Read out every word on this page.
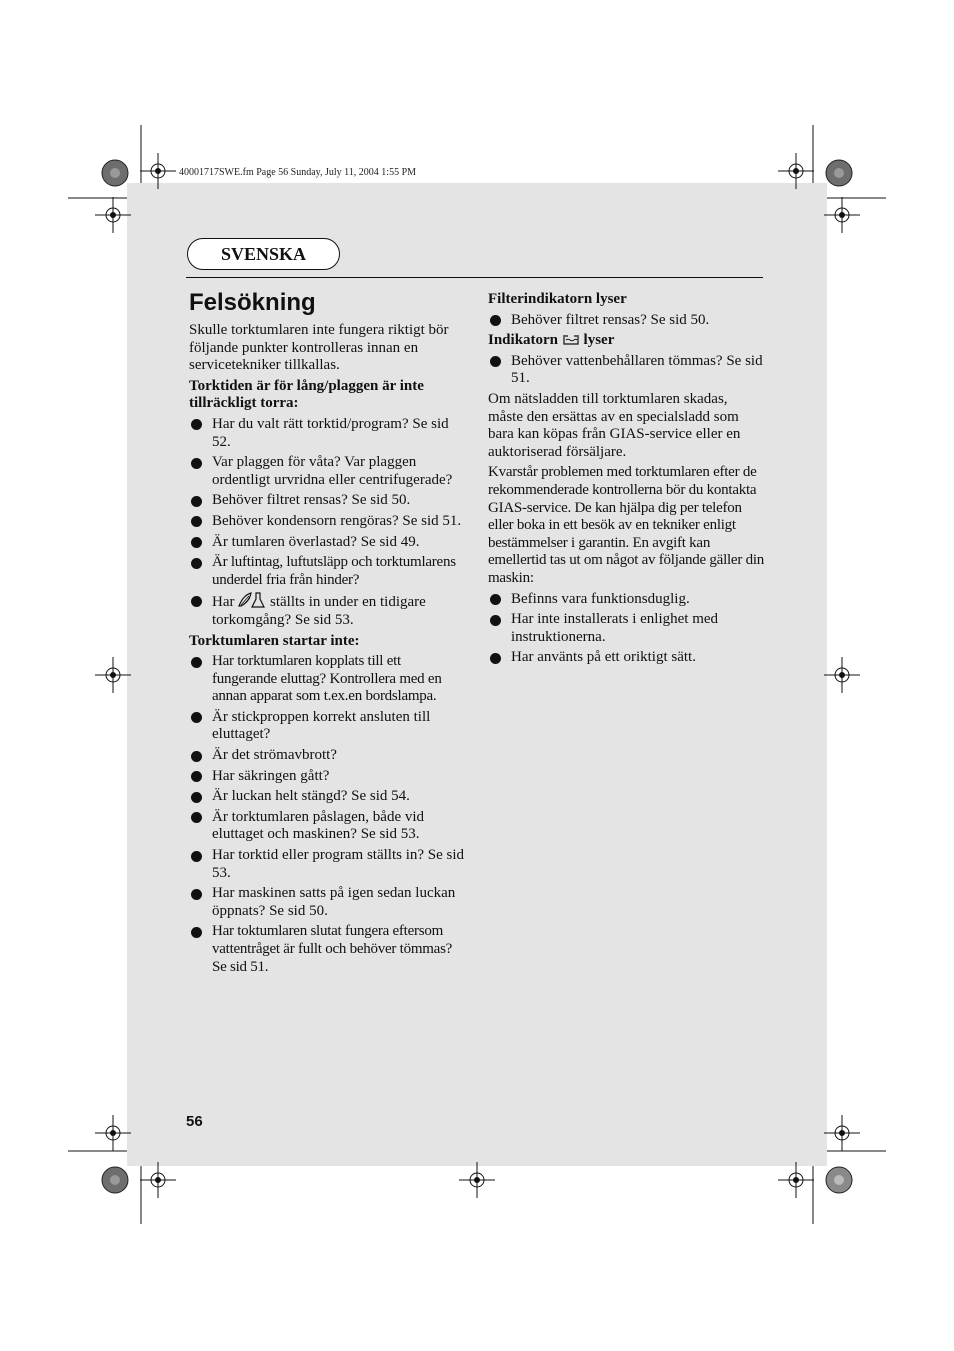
40001717SWE.fm Page 56 Sunday, July 11, 2004 1:55 PM
SVENSKA
Felsökning

Skulle torktumlaren inte fungera riktigt bör följande punkter kontrolleras innan en servicetekniker tillkallas.

Torktiden är för lång/plaggen är inte tillräckligt torra:

Har du valt rätt torktid/program? Se sid 52.
Var plaggen för våta? Var plaggen ordentligt urvridna eller centrifugerade?
Behöver filtret rensas? Se sid 50.
Behöver kondensorn rengöras? Se sid 51.
Är tumlaren överlastad? Se sid 49.
Är luftintag, luftutsläpp och torktumlarens underdel fria från hinder?
Har ställts in under en tidigare torkomgång? Se sid 53.

Torktumlaren startar inte:

Har torktumlaren kopplats till ett fungerande eluttag? Kontrollera med en annan apparat som t.ex.en bordslampa.
Är stickproppen korrekt ansluten till eluttaget?
Är det strömavbrott?
Har säkringen gått?
Är luckan helt stängd? Se sid 54.
Är torktumlaren påslagen, både vid eluttaget och maskinen? Se sid 53.
Har torktid eller program ställts in? Se sid 53.
Har maskinen satts på igen sedan luckan öppnats? Se sid 50.
Har toktumlaren slutat fungera eftersom vattentråget är fullt och behöver tömmas? Se sid 51.

Filterindikatorn lyser

Behöver filtret rensas? Se sid 50.

Indikatorn lyser

Behöver vattenbehållaren tömmas? Se sid 51.

Om nätsladden till torktumlaren skadas, måste den ersättas av en specialsladd som bara kan köpas från GIAS-service eller en auktoriserad försäljare.

Kvarstår problemen med torktumlaren efter de rekommenderade kontrollerna bör du kontakta GIAS-service. De kan hjälpa dig per telefon eller boka in ett besök av en tekniker enligt bestämmelser i garantin. En avgift kan emellertid tas ut om något av följande gäller din maskin:

Befinns vara funktionsduglig.
Har inte installerats i enlighet med instruktionerna.
Har använts på ett oriktigt sätt.
56
